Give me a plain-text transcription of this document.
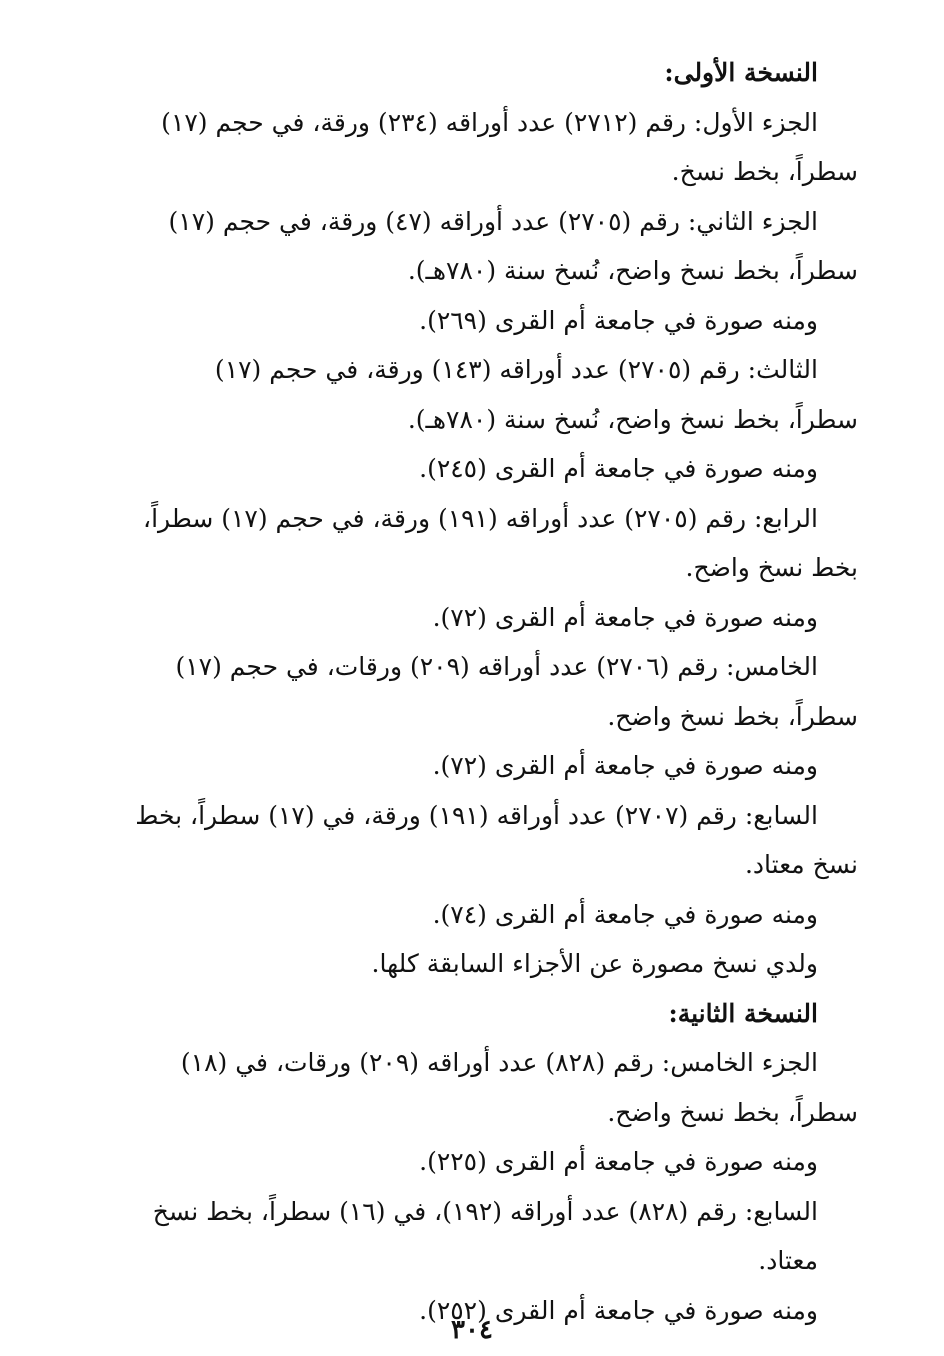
النسخة الأولى:
الجزء الأول: رقم (٢٧١٢) عدد أوراقه (٢٣٤) ورقة، في حجم (١٧)
سطراً، بخط نسخ.
الجزء الثاني: رقم (٢٧٠٥) عدد أوراقه (٤٧) ورقة، في حجم (١٧)
سطراً، بخط نسخ واضح، نُسخ سنة (٧٨٠هـ).
ومنه صورة في جامعة أم القرى (٢٦٩).
الثالث: رقم (٢٧٠٥) عدد أوراقه (١٤٣) ورقة، في حجم (١٧)
سطراً، بخط نسخ واضح، نُسخ سنة (٧٨٠هـ).
ومنه صورة في جامعة أم القرى (٢٤٥).
الرابع: رقم (٢٧٠٥) عدد أوراقه (١٩١) ورقة، في حجم (١٧) سطراً،
بخط نسخ واضح.
ومنه صورة في جامعة أم القرى (٧٢).
الخامس: رقم (٢٧٠٦) عدد أوراقه (٢٠٩) ورقات، في حجم (١٧)
سطراً، بخط نسخ واضح.
ومنه صورة في جامعة أم القرى (٧٢).
السابع: رقم (٢٧٠٧) عدد أوراقه (١٩١) ورقة، في (١٧) سطراً، بخط
نسخ معتاد.
ومنه صورة في جامعة أم القرى (٧٤).
ولدي نسخ مصورة عن الأجزاء السابقة كلها.
النسخة الثانية:
الجزء الخامس: رقم (٨٢٨) عدد أوراقه (٢٠٩) ورقات، في (١٨)
سطراً، بخط نسخ واضح.
ومنه صورة في جامعة أم القرى (٢٢٥).
السابع: رقم (٨٢٨) عدد أوراقه (١٩٢)، في (١٦) سطراً، بخط نسخ معتاد.
ومنه صورة في جامعة أم القرى (٢٥٢).
٣٠٤
